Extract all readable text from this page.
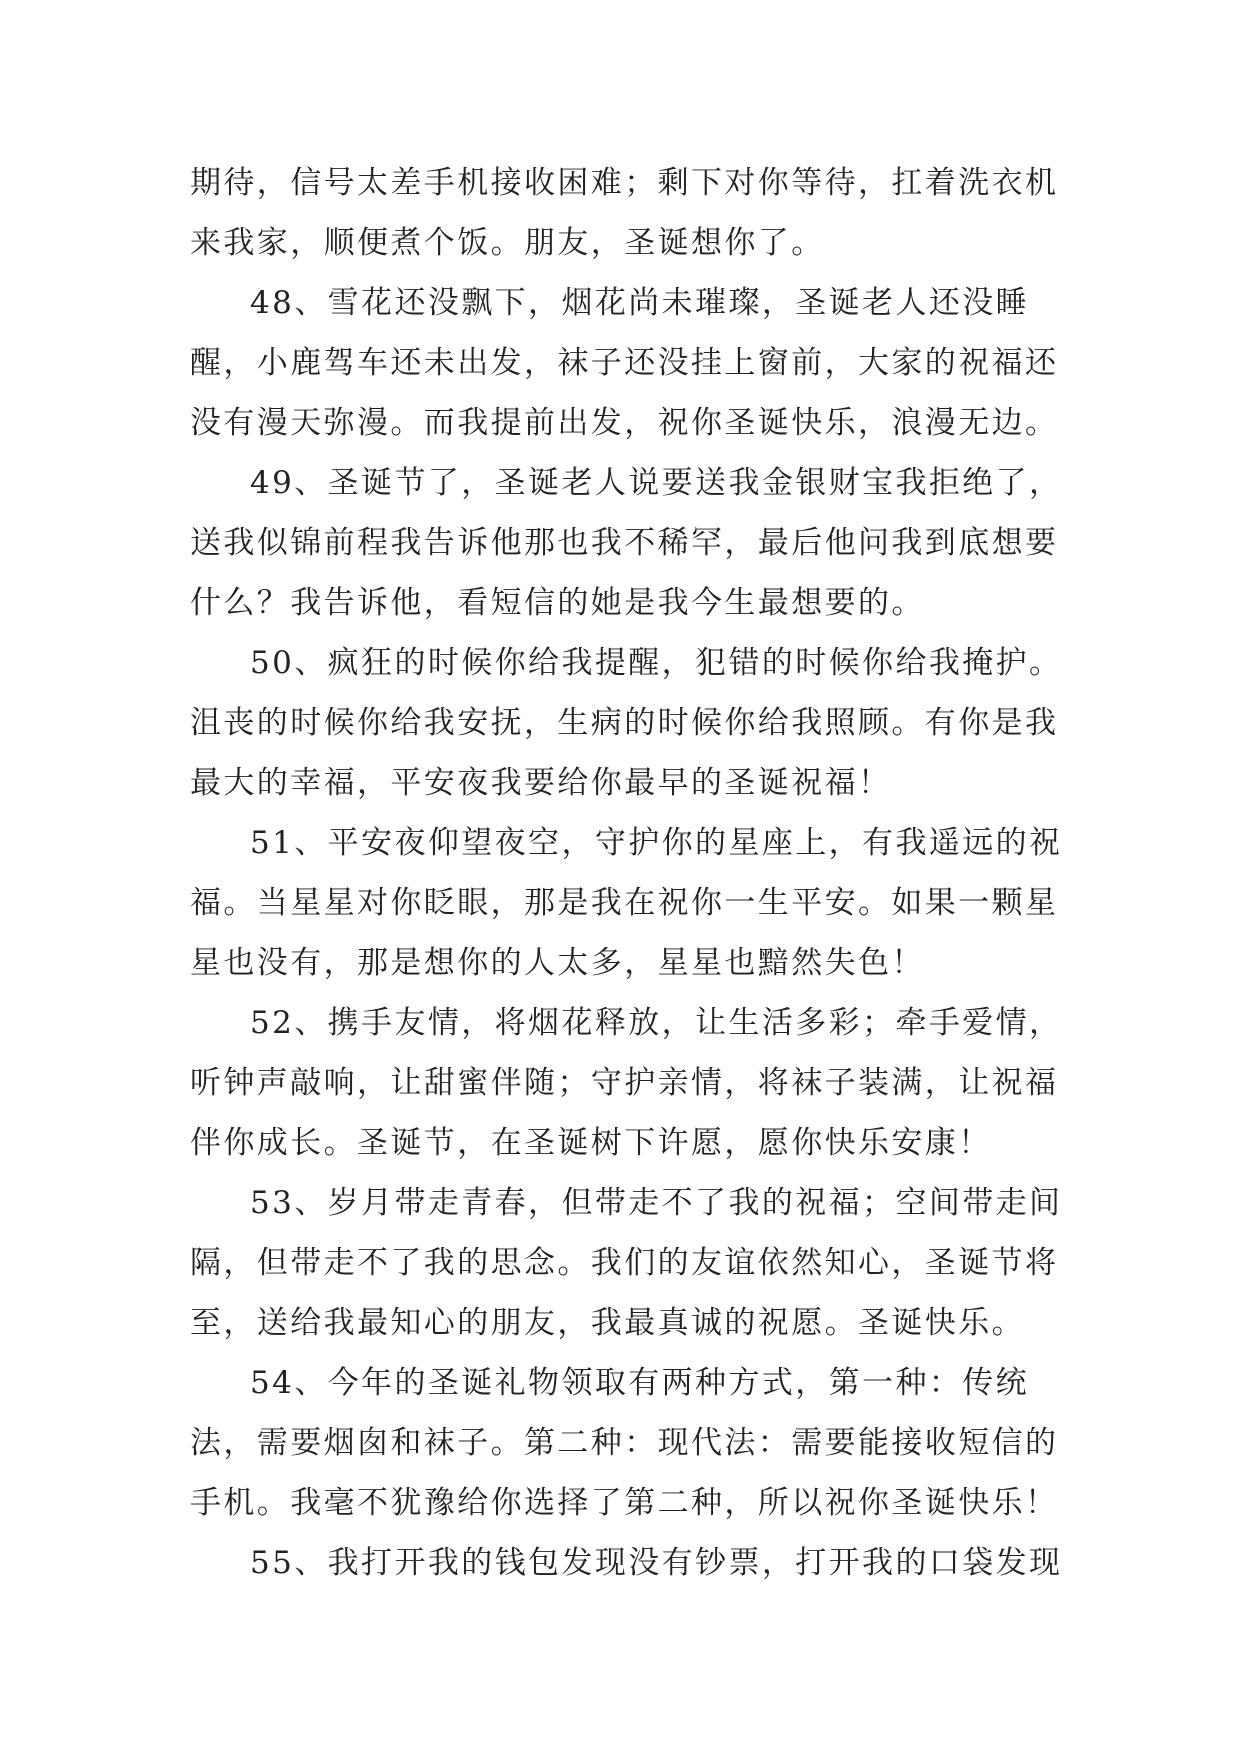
期待，信号太差手机接收困难；剩下对你等待，扛着洗衣机来我家，顺便煮个饭。朋友，圣诞想你了。

48、雪花还没飘下，烟花尚未璀璨，圣诞老人还没睡醒，小鹿驾车还未出发，袜子还没挂上窗前，大家的祝福还没有漫天弥漫。而我提前出发，祝你圣诞快乐，浪漫无边。

49、圣诞节了，圣诞老人说要送我金银财宝我拒绝了，送我似锦前程我告诉他那也我不稀罕，最后他问我到底想要什么？我告诉他，看短信的她是我今生最想要的。

50、疯狂的时候你给我提醒，犯错的时候你给我掩护。沮丧的时候你给我安抚，生病的时候你给我照顾。有你是我最大的幸福，平安夜我要给你最早的圣诞祝福！

51、平安夜仰望夜空，守护你的星座上，有我遥远的祝福。当星星对你眨眼，那是我在祝你一生平安。如果一颗星星也没有，那是想你的人太多，星星也黯然失色！

52、携手友情，将烟花释放，让生活多彩；牵手爱情，听钟声敲响，让甜蜜伴随；守护亲情，将袜子装满，让祝福伴你成长。圣诞节，在圣诞树下许愿，愿你快乐安康！

53、岁月带走青春，但带走不了我的祝福；空间带走间隔，但带走不了我的思念。我们的友谊依然知心，圣诞节将至，送给我最知心的朋友，我最真诚的祝愿。圣诞快乐。

54、今年的圣诞礼物领取有两种方式，第一种：传统法，需要烟囱和袜子。第二种：现代法：需要能接收短信的手机。我毫不犹豫给你选择了第二种，所以祝你圣诞快乐！

55、我打开我的钱包发现没有钞票，打开我的口袋发现
